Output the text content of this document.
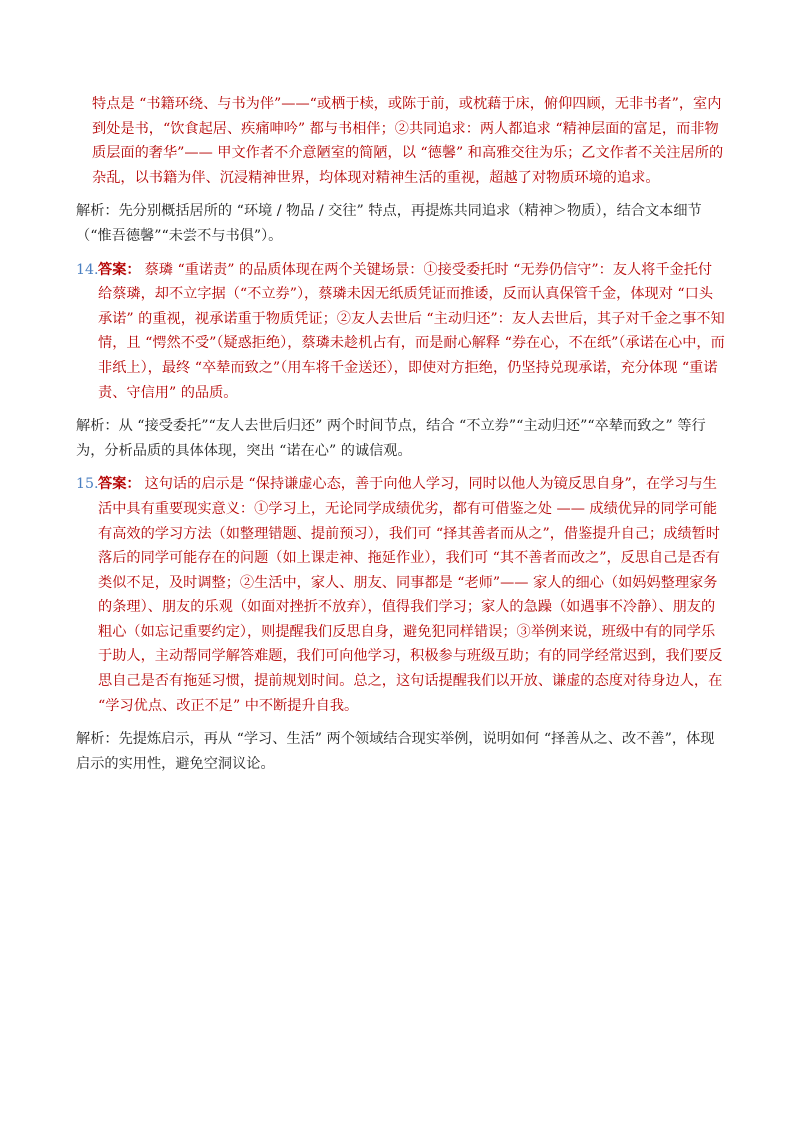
特点是 “书籍环绕、与书为伴”——“或栖于椟，或陈于前，或枕藉于床，俯仰四顾，无非书者”，室内到处是书，“饮食起居、疾痛呻吟” 都与书相伴；②共同追求：两人都追求 “精神层面的富足，而非物质层面的奢华”—— 甲文作者不介意陋室的简陋，以 “德馨” 和高雅交往为乐；乙文作者不关注居所的杂乱，以书籍为伴、沉浸精神世界，均体现对精神生活的重视，超越了对物质环境的追求。

解析：先分别概括居所的 “环境 / 物品 / 交往” 特点，再提炼共同追求（精神＞物质），结合文本细节（“惟吾德馨”“未尝不与书俱”）。

14. 答案： 蔡璘 “重诺责” 的品质体现在两个关键场景：①接受委托时 “无券仍信守”：友人将千金托付给蔡璘，却不立字据（“不立券”），蔡璘未因无纸质凭证而推诿，反而认真保管千金，体现对 “口头承诺” 的重视，视承诺重于物质凭证；②友人去世后 “主动归还”：友人去世后，其子对千金之事不知情，且 “愕然不受”（疑惑拒绝），蔡璘未趁机占有，而是耐心解释 “券在心，不在纸”（承诺在心中，而非纸上），最终 “卒辇而致之”（用车将千金送还），即使对方拒绝，仍坚持兑现承诺，充分体现 “重诺责、守信用” 的品质。

解析：从 “接受委托”“友人去世后归还” 两个时间节点，结合 “不立券”“主动归还”“卒辇而致之” 等行为，分析品质的具体体现，突出 “诺在心” 的诚信观。

15. 答案： 这句话的启示是 “保持谦虚心态，善于向他人学习，同时以他人为镜反思自身”，在学习与生活中具有重要现实意义：①学习上，无论同学成绩优劣，都有可借鉴之处 —— 成绩优异的同学可能有高效的学习方法（如整理错题、提前预习），我们可 “择其善者而从之”，借鉴提升自己；成绩暂时落后的同学可能存在的问题（如上课走神、拖延作业），我们可 “其不善者而改之”，反思自己是否有类似不足，及时调整；②生活中，家人、朋友、同事都是 “老师”—— 家人的细心（如妈妈整理家务的条理）、朋友的乐观（如面对挫折不放弃），值得我们学习；家人的急躁（如遇事不冷静）、朋友的粗心（如忘记重要约定），则提醒我们反思自身，避免犯同样错误；③举例来说，班级中有的同学乐于助人，主动帮同学解答难题，我们可向他学习，积极参与班级互助；有的同学经常迟到，我们要反思自己是否有拖延习惯，提前规划时间。总之，这句话提醒我们以开放、谦虚的态度对待身边人，在 “学习优点、改正不足” 中不断提升自我。

解析：先提炼启示，再从 “学习、生活” 两个领域结合现实举例，说明如何 “择善从之、改不善”，体现启示的实用性，避免空洞议论。
